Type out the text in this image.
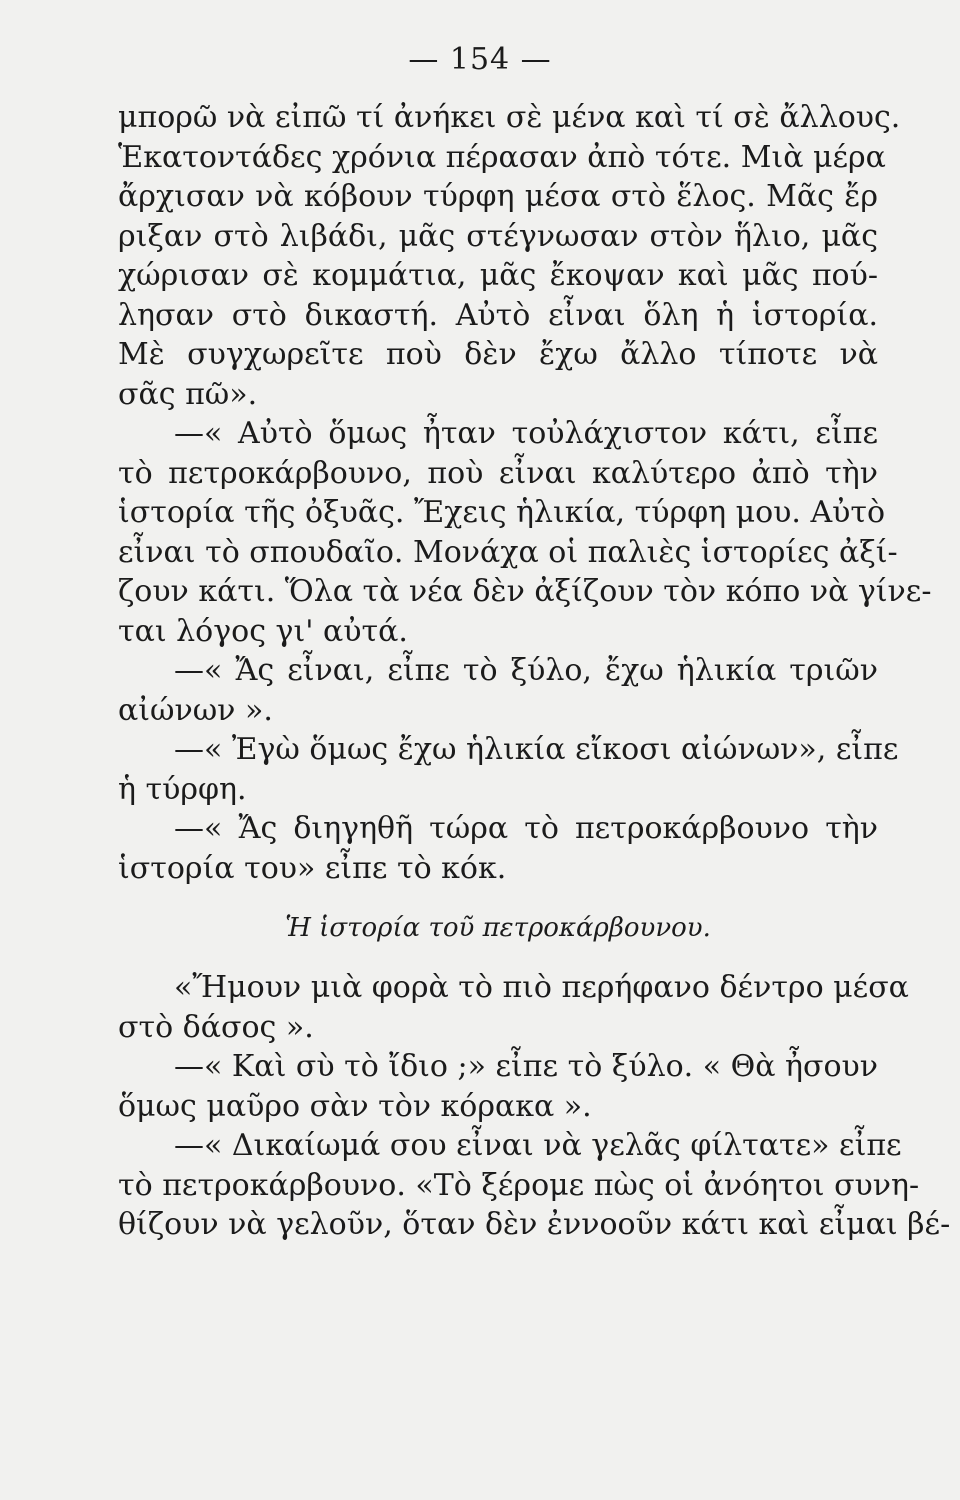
— 154 —
μπορῶ νὰ εἰπῶ τί ἀνήκει σὲ μένα καὶ τί σὲ ἄλλους.
Ἑκατοντάδες χρόνια πέρασαν ἀπὸ τότε. Μιὰ μέρα
ἄρχισαν νὰ κόβουν τύρφη μέσα στὸ ἕλος. Μᾶς ἔρ
ριξαν στὸ λιβάδι, μᾶς στέγνωσαν στὸν ἥλιο, μᾶς
χώρισαν σὲ κομμάτια, μᾶς ἔκοψαν καὶ μᾶς πού-
λησαν στὸ δικαστή. Αὐτὸ εἶναι ὅλη ἡ ἱστορία.
Μὲ συγχωρεῖτε ποὺ δὲν ἔχω ἄλλο τίποτε νὰ
σᾶς πῶ».
—« Αὐτὸ ὅμως ἦταν τοὐλάχιστον κάτι, εἶπε
τὸ πετροκάρβουνο, ποὺ εἶναι καλύτερο ἀπὸ τὴν
ἱστορία τῆς ὀξυᾶς. Ἔχεις ἡλικία, τύρφη μου. Αὐτὸ
εἶναι τὸ σπουδαῖο. Μονάχα οἱ παλιὲς ἱστορίες ἀξί-
ζουν κάτι. Ὅλα τὰ νέα δὲν ἀξίζουν τὸν κόπο νὰ γίνε-
ται λόγος γι' αὐτά.
—« Ἄς εἶναι, εἶπε τὸ ξύλο, ἔχω ἡλικία τριῶν
αἰώνων ».
—« Ἐγὼ ὅμως ἔχω ἡλικία εἴκοσι αἰώνων», εἶπε
ἡ τύρφη.
—« Ἄς διηγηθῆ τώρα τὸ πετροκάρβουνο τὴν
ἱστορία του» εἶπε τὸ κόκ.
Ἡ ἱστορία τοῦ πετροκάρβουνου.
«Ἤμουν μιὰ φορὰ τὸ πιὸ περήφανο δέντρο μέσα
στὸ δάσος ».
—« Καὶ σὺ τὸ ἴδιο ;» εἶπε τὸ ξύλο. « Θὰ ἦσουν
ὅμως μαῦρο σὰν τὸν κόρακα ».
—« Δικαίωμά σου εἶναι νὰ γελᾶς φίλτατε» εἶπε
τὸ πετροκάρβουνο. «Τὸ ξέρομε πὼς οἱ ἀνόητοι συνη-
θίζουν νὰ γελοῦν, ὅταν δὲν ἐννοοῦν κάτι καὶ εἶμαι βέ-
